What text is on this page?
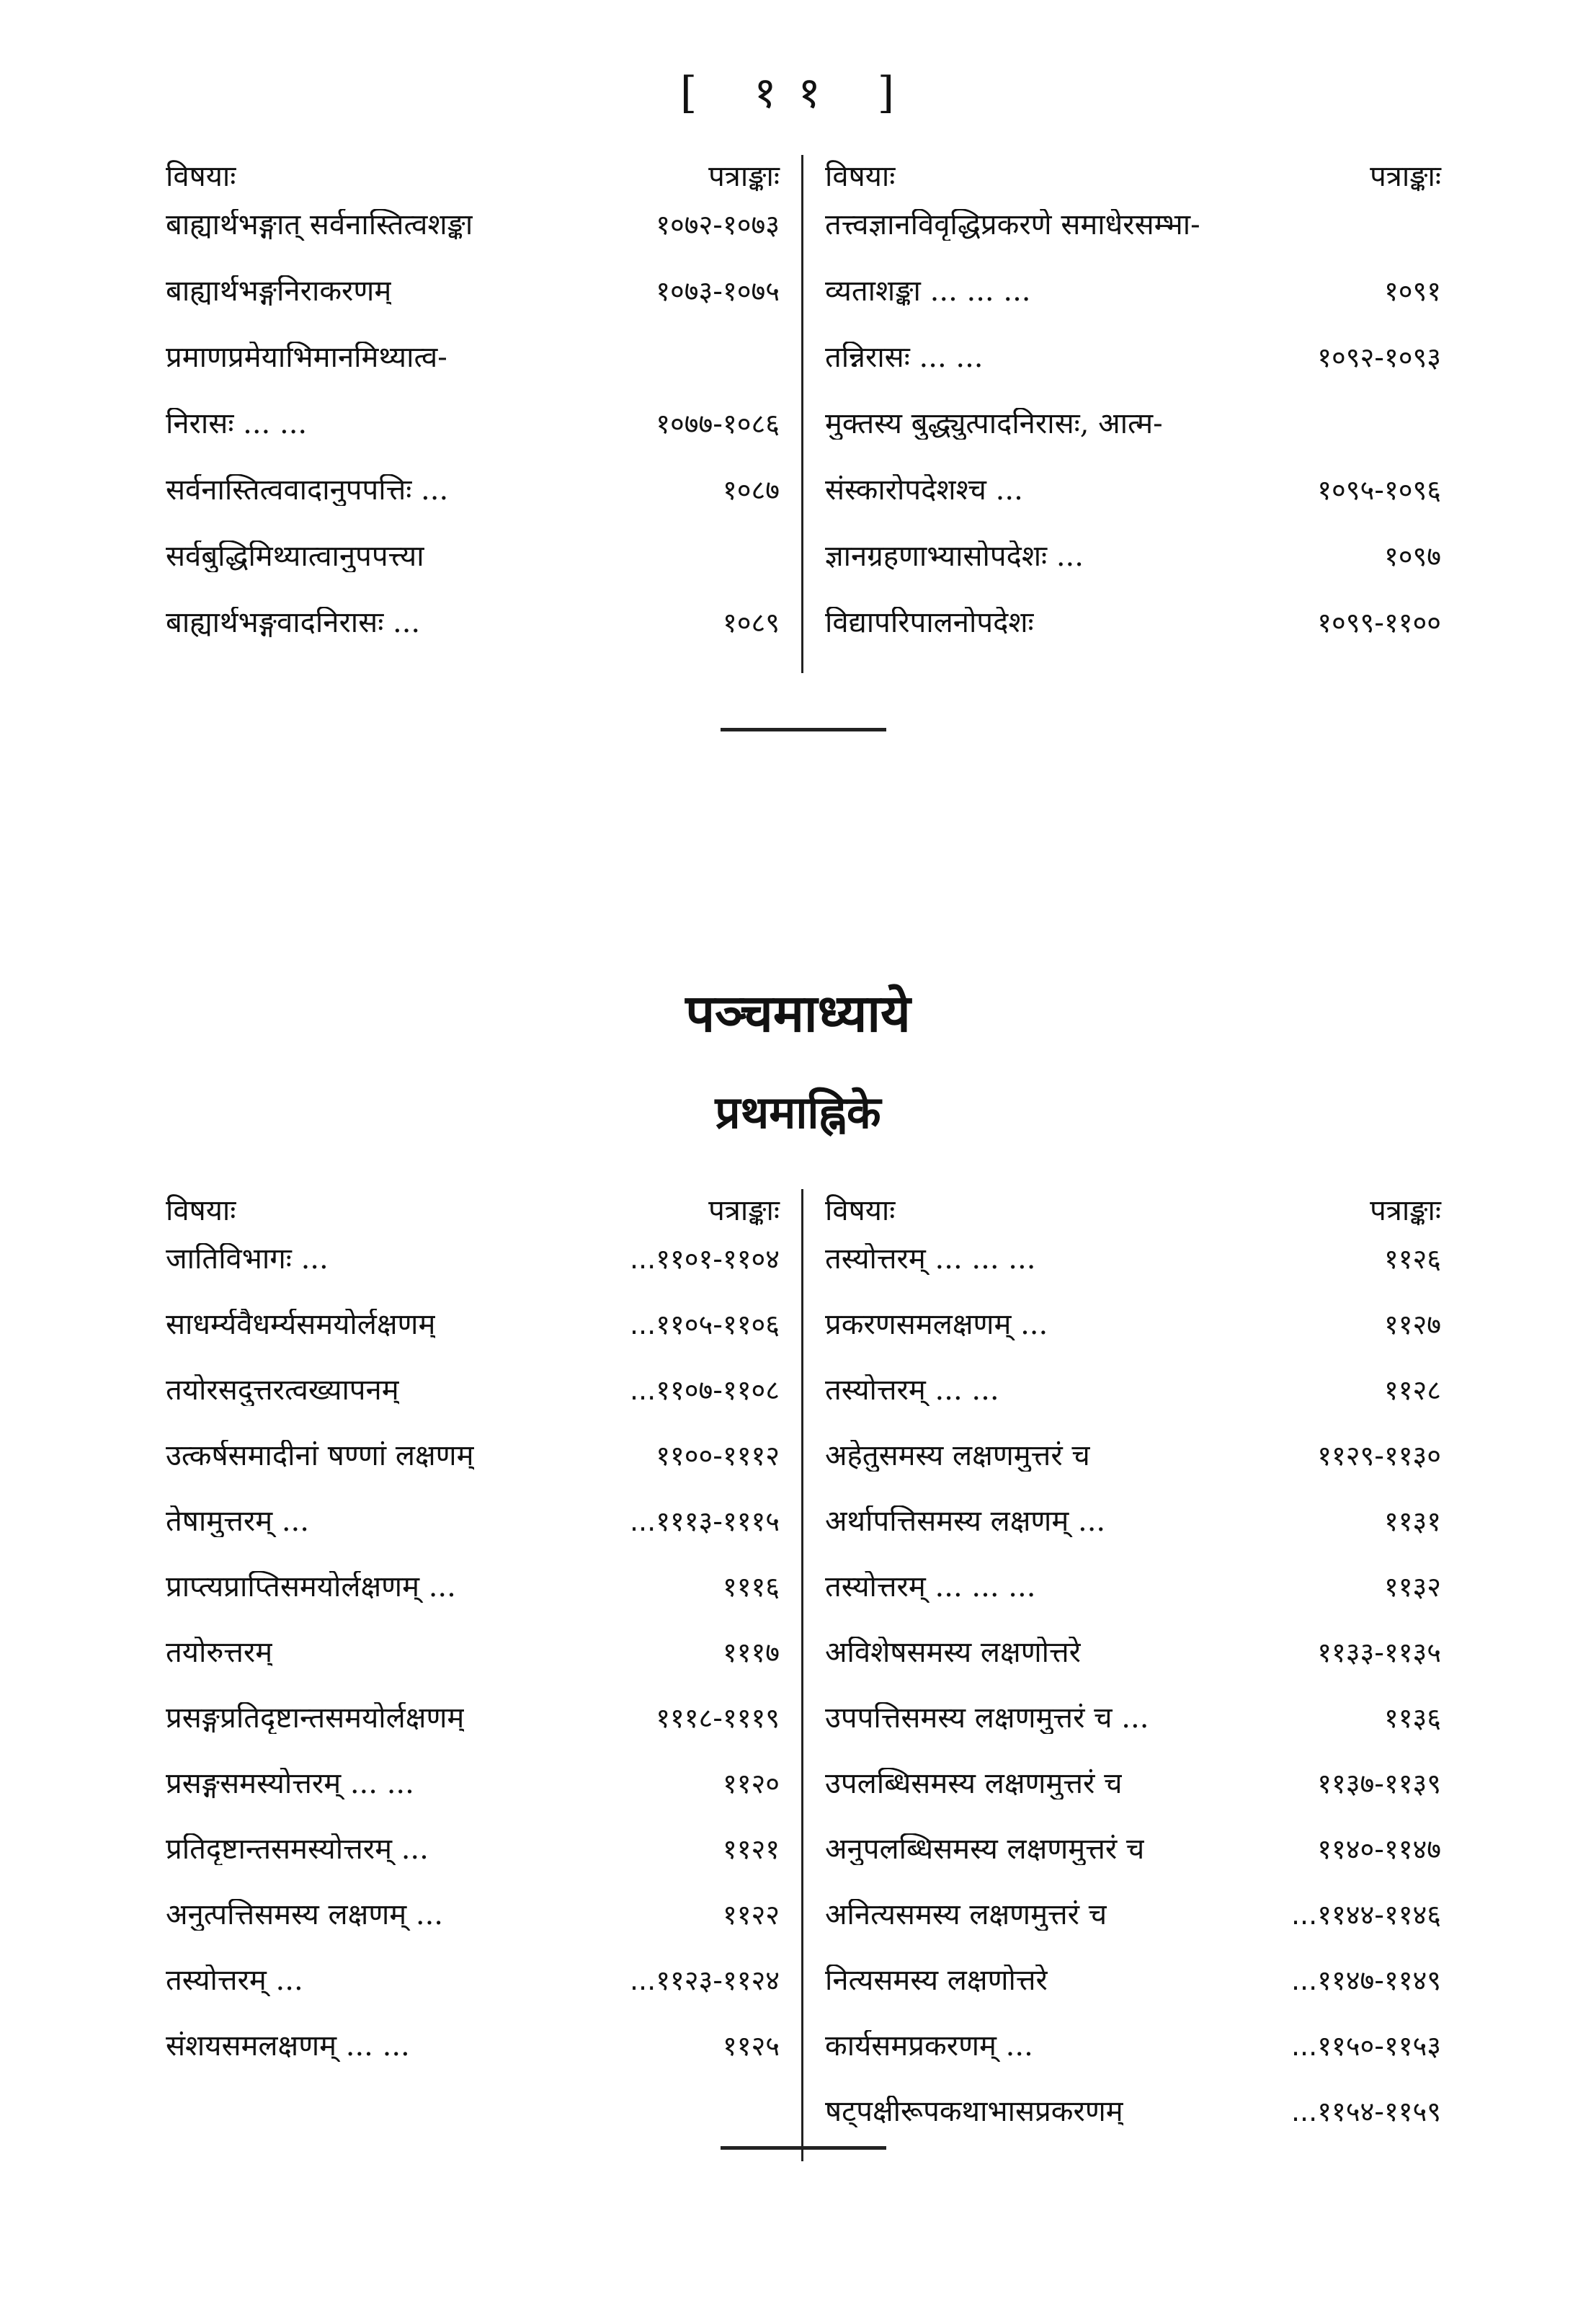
[ ११ ]
विषयाः	पत्राङ्काः
बाह्यार्थभङ्गात् सर्वनास्तित्वशङ्का	१०७२-१०७३
बाह्यार्थभङ्गनिराकरणम्	१०७३-१०७५
प्रमाणप्रमेयाभिमानमिथ्यात्व-
निरासः ... ...	१०७७-१०८६
सर्वनास्तित्ववादानुपपत्तिः ...	१०८७
सर्वबुद्धिमिथ्यात्वानुपपत्त्या
बाह्यार्थभङ्गवादनिरासः ...	१०८९
विषयाः	पत्राङ्काः
तत्त्वज्ञानविवृद्धिप्रकरणे समाधेरसम्भा-
व्यताशङ्का ... ... ...	१०९१
तन्निरासः ... ...	१०९२-१०९३
मुक्तस्य बुद्ध्युत्पादनिरासः, आत्म-
संस्कारोपदेशश्च ...	१०९५-१०९६
ज्ञानग्रहणाभ्यासोपदेशः ...	१०९७
विद्यापरिपालनोपदेशः	१०९९-११००
पञ्चमाध्याये
प्रथमाह्निके
विषयाः	पत्राङ्काः
जातिविभागः ...	...११०१-११०४
साधर्म्यवैधर्म्यसमयोर्लक्षणम्	...११०५-११०६
तयोरसदुत्तरत्वख्यापनम्	...११०७-११०८
उत्कर्षसमादीनां षण्णां लक्षणम्	११००-१११२
तेषामुत्तरम् ...	...१११३-१११५
प्राप्त्यप्राप्तिसमयोर्लक्षणम् ...	१११६
तयोरुत्तरम्	१११७
प्रसङ्गप्रतिदृष्टान्तसमयोर्लक्षणम्	१११८-१११९
प्रसङ्गसमस्योत्तरम् ... ...	११२०
प्रतिदृष्टान्तसमस्योत्तरम् ...	११२१
अनुत्पत्तिसमस्य लक्षणम् ...	११२२
तस्योत्तरम् ...	...११२३-११२४
संशयसमलक्षणम् ... ...	११२५
विषयाः	पत्राङ्काः
तस्योत्तरम् ... ... ...	११२६
प्रकरणसमलक्षणम् ...	११२७
तस्योत्तरम् ... ...	११२८
अहेतुसमस्य लक्षणमुत्तरं च	११२९-११३०
अर्थापत्तिसमस्य लक्षणम् ...	११३१
तस्योत्तरम् ... ... ...	११३२
अविशेषसमस्य लक्षणोत्तरे	११३३-११३५
उपपत्तिसमस्य लक्षणमुत्तरं च ...	११३६
उपलब्धिसमस्य लक्षणमुत्तरं च	११३७-११३९
अनुपलब्धिसमस्य लक्षणमुत्तरं च	११४०-११४७
अनित्यसमस्य लक्षणमुत्तरं च	...११४४-११४६
नित्यसमस्य लक्षणोत्तरे	...११४७-११४९
कार्यसमप्रकरणम् ...	...११५०-११५३
षट्पक्षीरूपकथाभासप्रकरणम्	...११५४-११५९
